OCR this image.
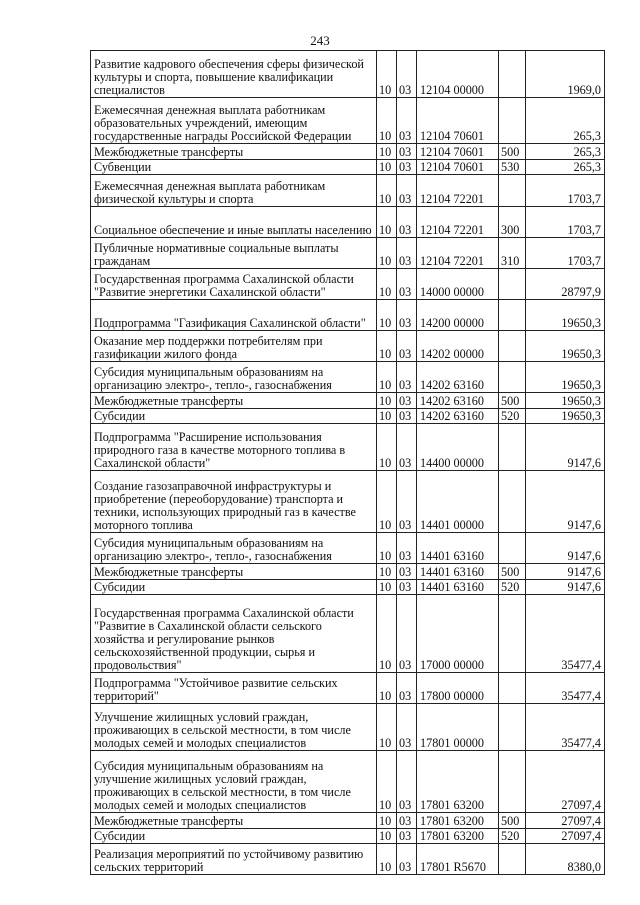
243
Развитие кадрового обеспечения сферы физической культуры и спорта, повышение квалификации специалистов	10	03	12104 00000		1969,0
Ежемесячная денежная выплата работникам образовательных учреждений, имеющим государственные награды Российской Федерации	10	03	12104 70601		265,3
Межбюджетные трансферты	10	03	12104 70601	500	265,3
Субвенции	10	03	12104 70601	530	265,3
Ежемесячная денежная выплата работникам физической культуры и спорта	10	03	12104 72201		1703,7
Социальное обеспечение и иные выплаты населению	10	03	12104 72201	300	1703,7
Публичные нормативные социальные выплаты гражданам	10	03	12104 72201	310	1703,7
Государственная программа Сахалинской области "Развитие энергетики Сахалинской области"	10	03	14000 00000		28797,9
Подпрограмма "Газификация Сахалинской области"	10	03	14200 00000		19650,3
Оказание мер поддержки потребителям при газификации жилого фонда	10	03	14202 00000		19650,3
Субсидия муниципальным образованиям на организацию электро-, тепло-, газоснабжения	10	03	14202 63160		19650,3
Межбюджетные трансферты	10	03	14202 63160	500	19650,3
Субсидии	10	03	14202 63160	520	19650,3
Подпрограмма "Расширение использования природного газа в качестве моторного топлива в Сахалинской области"	10	03	14400 00000		9147,6
Создание газозаправочной инфраструктуры и приобретение (переоборудование) транспорта и техники, использующих природный газ в качестве моторного топлива	10	03	14401 00000		9147,6
Субсидия муниципальным образованиям на организацию электро-, тепло-, газоснабжения	10	03	14401 63160		9147,6
Межбюджетные трансферты	10	03	14401 63160	500	9147,6
Субсидии	10	03	14401 63160	520	9147,6
Государственная программа Сахалинской области "Развитие в Сахалинской области сельского хозяйства и регулирование рынков сельскохозяйственной продукции, сырья и продовольствия"	10	03	17000 00000		35477,4
Подпрограмма "Устойчивое развитие сельских территорий"	10	03	17800 00000		35477,4
Улучшение жилищных условий граждан, проживающих в сельской местности, в том числе молодых семей и молодых специалистов	10	03	17801 00000		35477,4
Субсидия муниципальным образованиям на улучшение жилищных условий граждан, проживающих в сельской местности, в том числе молодых семей и молодых специалистов	10	03	17801 63200		27097,4
Межбюджетные трансферты	10	03	17801 63200	500	27097,4
Субсидии	10	03	17801 63200	520	27097,4
Реализация мероприятий по устойчивому развитию сельских территорий	10	03	17801 R5670		8380,0
